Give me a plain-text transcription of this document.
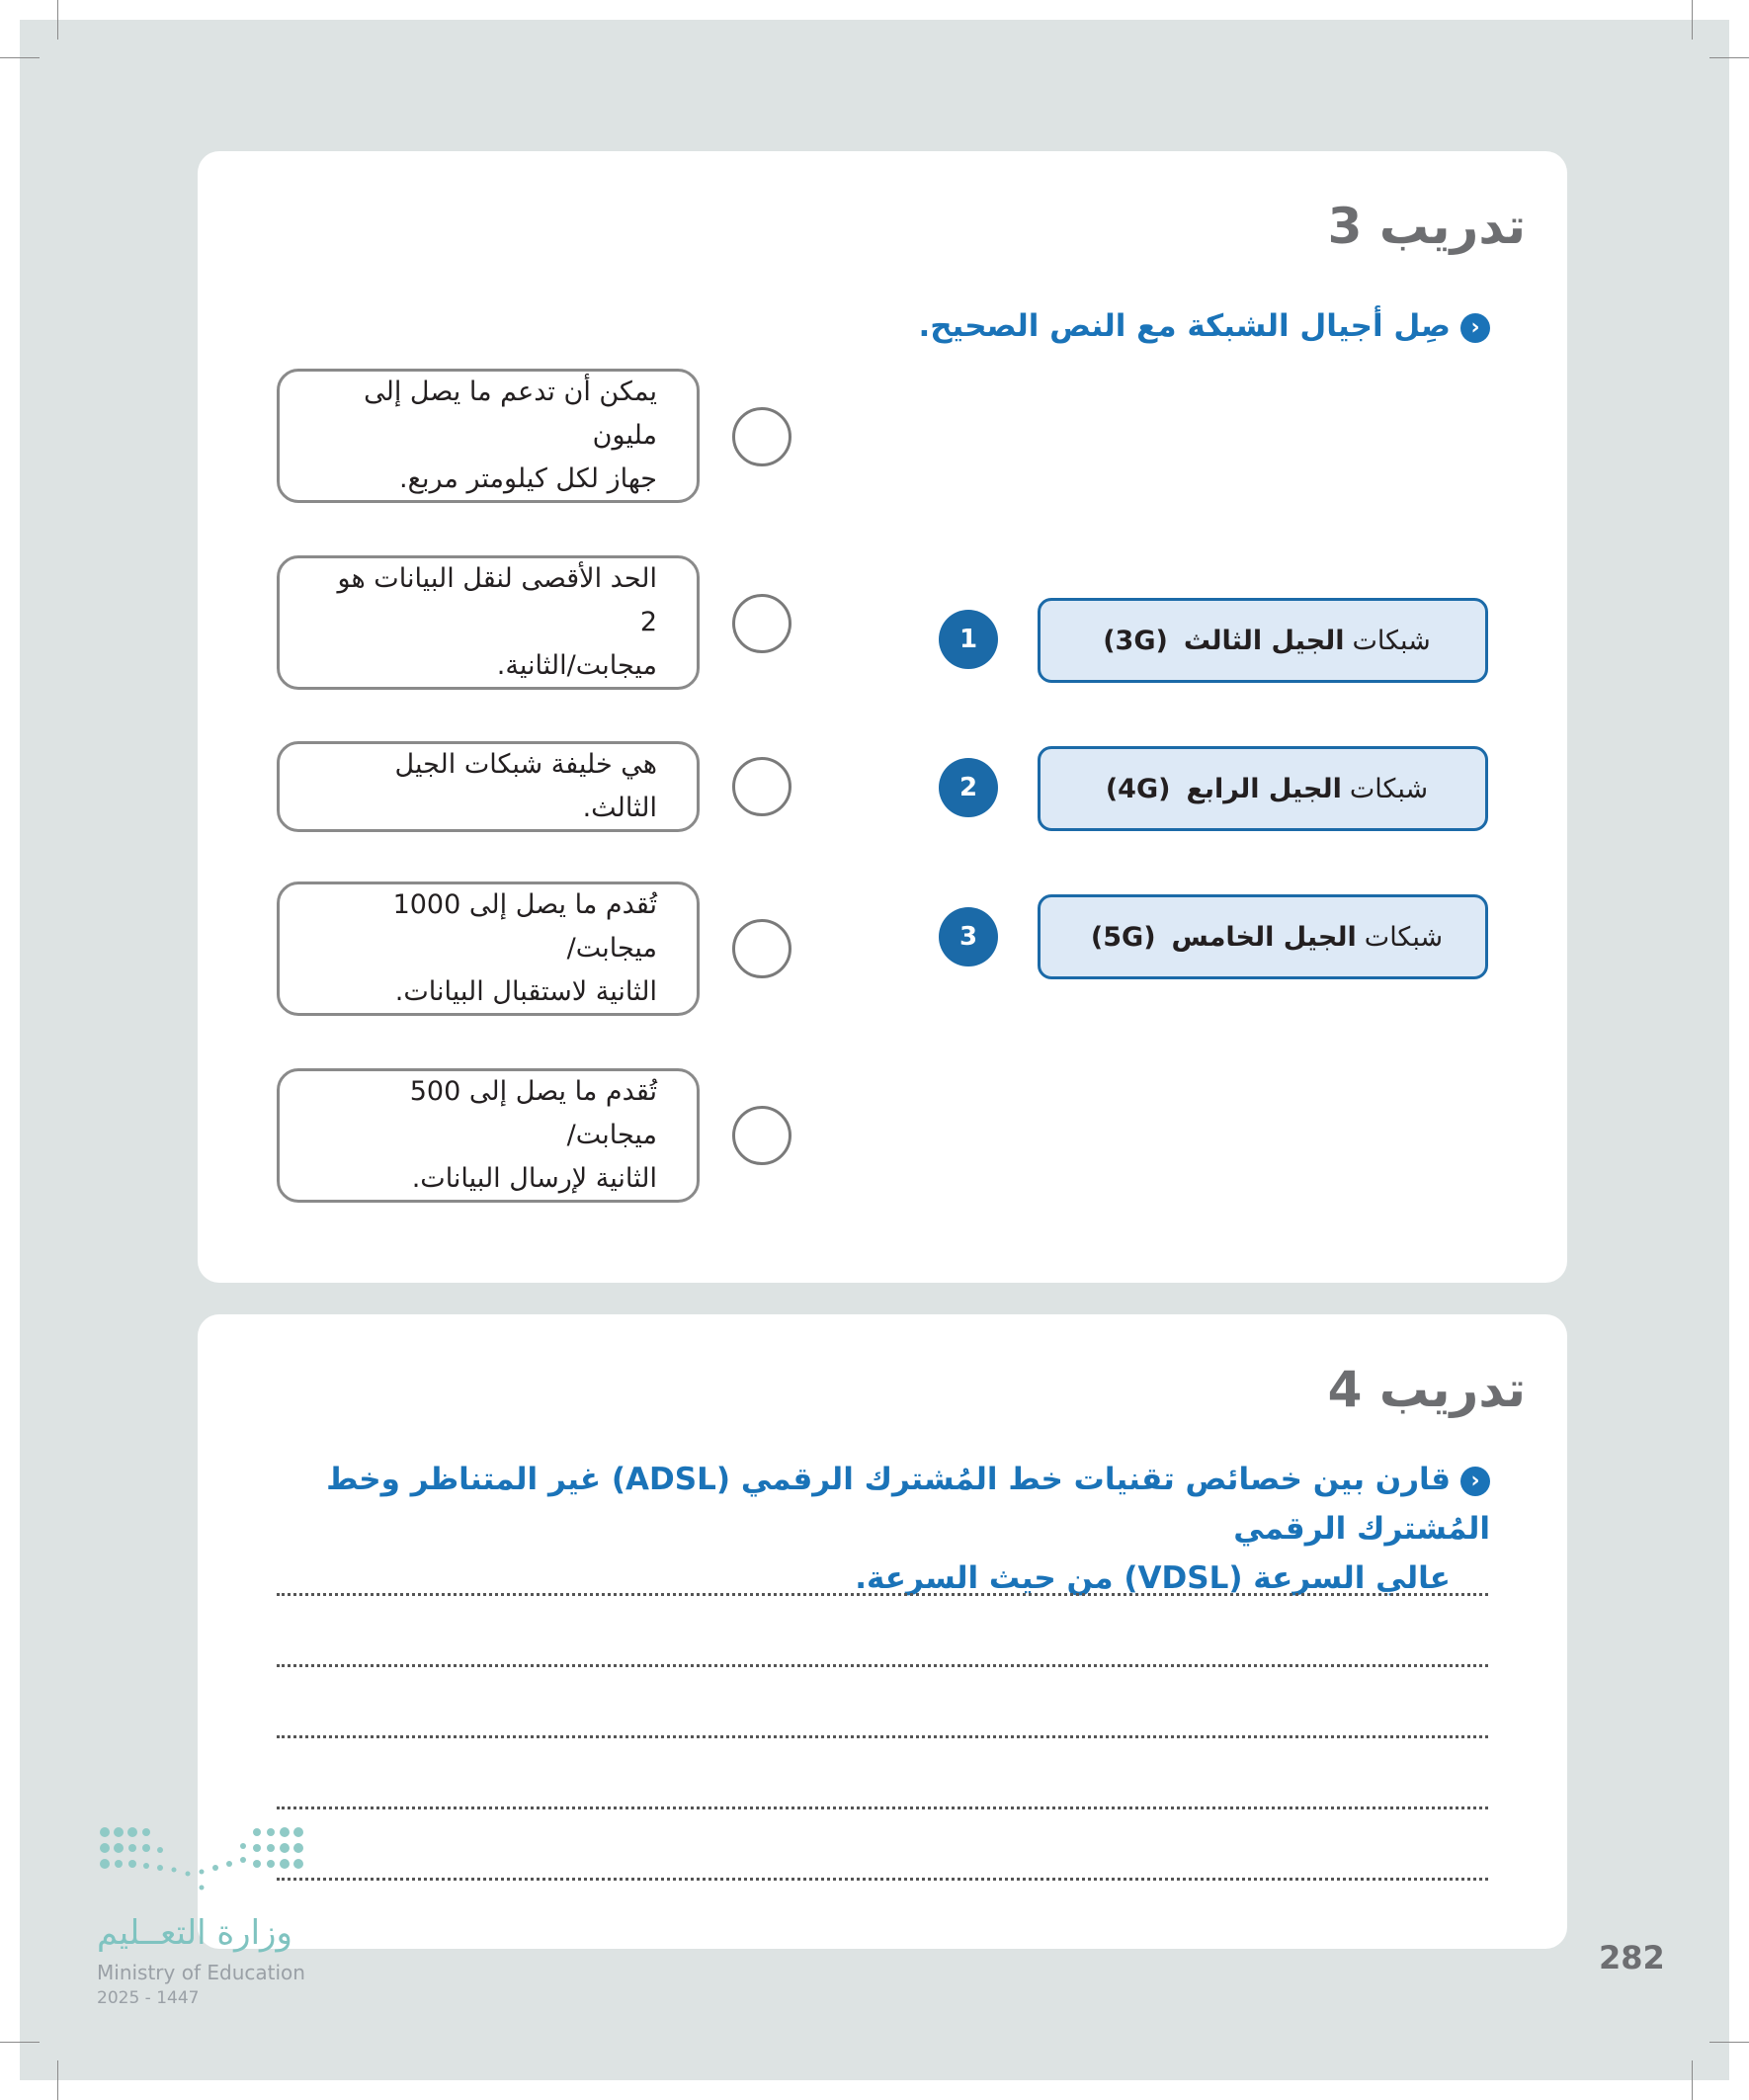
تدريب 3
‹صِل أجيال الشبكة مع النص الصحيح.
يمكن أن تدعم ما يصل إلى مليون
جهاز لكل كيلومتر مربع.
الحد الأقصى لنقل البيانات هو 2
ميجابت/الثانية.
هي خليفة شبكات الجيل الثالث.
تُقدم ما يصل إلى 1000 ميجابت/
الثانية لاستقبال البيانات.
تُقدم ما يصل إلى 500 ميجابت/
الثانية لإرسال البيانات.
1
2
3
شبكات
الجيل الثالث
(3G)
شبكات
الجيل الرابع
(4G)
شبكات
الجيل الخامس
(5G)
تدريب 4
‹قارن بين خصائص تقنيات خط المُشترك الرقمي (ADSL) غير المتناظر وخط المُشترك الرقمي
عالي السرعة (VDSL) من حيث السرعة.
وزارة التعــليم
Ministry of Education
2025 - 1447
282
